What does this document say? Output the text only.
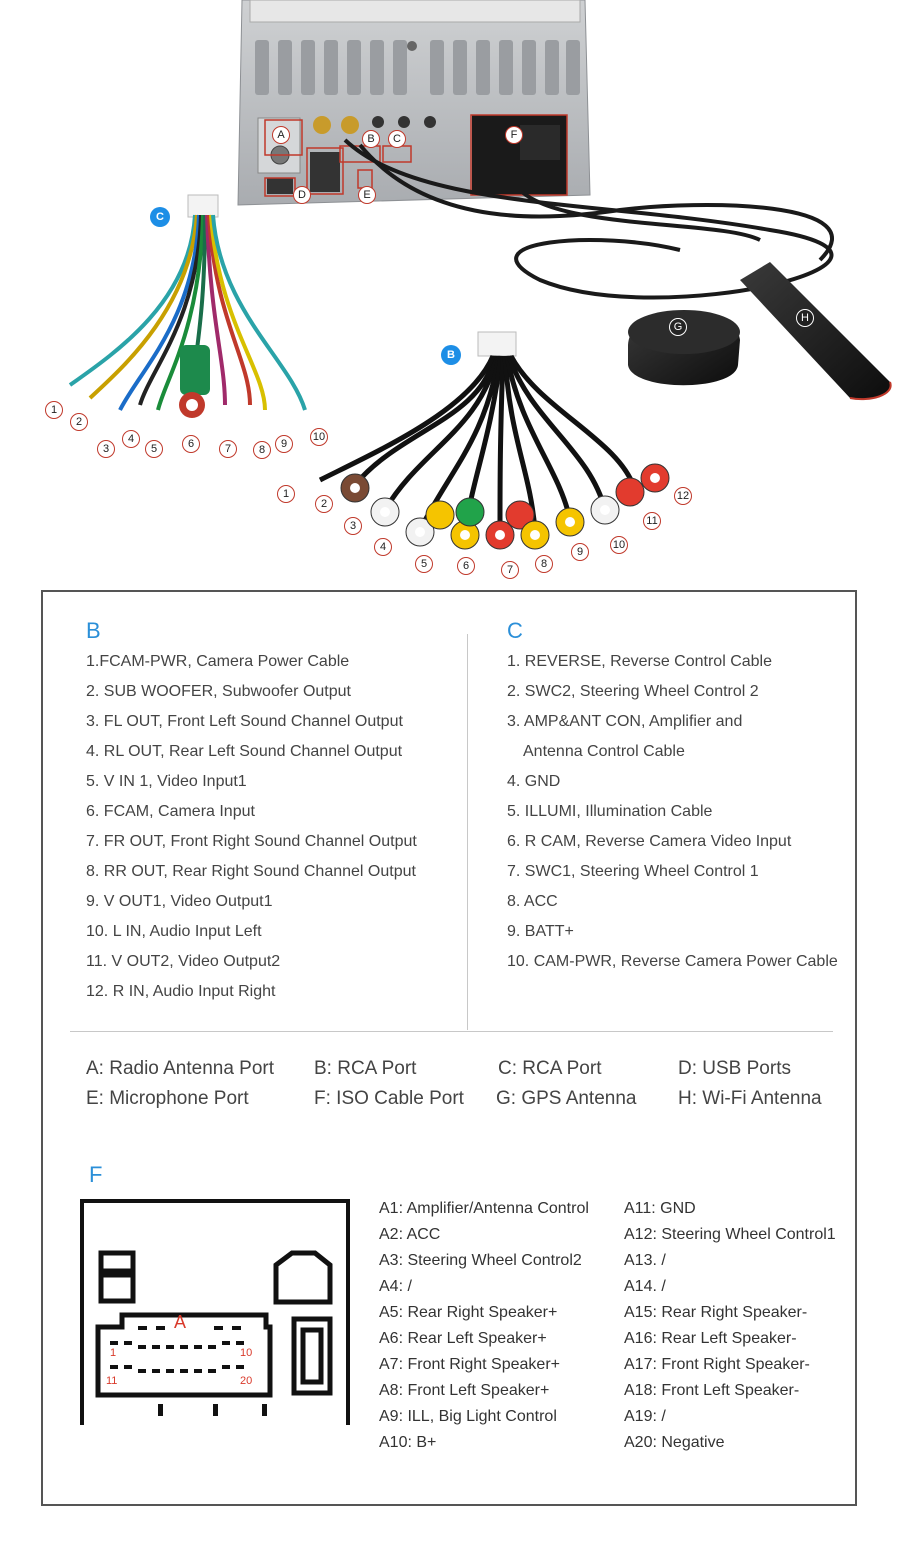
A	B	C
D	E
F
G
H
C
B
1
2
3
4
5	6	7	8	9
10
1
2
3
4
5	6	7	8
9
10
11
12
B
1.FCAM-PWR, Camera Power Cable
2. SUB WOOFER, Subwoofer Output
3. FL OUT, Front Left Sound Channel Output
4. RL OUT, Rear Left Sound Channel Output
5. V IN 1, Video Input1
6. FCAM, Camera Input
7. FR OUT, Front Right Sound Channel Output
8. RR OUT, Rear Right Sound Channel Output
9. V OUT1, Video Output1
10. L IN, Audio Input Left
11. V OUT2, Video Output2
12. R IN, Audio Input Right
C
1. REVERSE, Reverse Control Cable
2. SWC2, Steering Wheel Control 2
3. AMP&ANT CON, Amplifier and
Antenna Control Cable
4. GND
5. ILLUMI, Illumination Cable
6. R CAM, Reverse Camera Video Input
7. SWC1, Steering Wheel Control 1
8. ACC
9. BATT+
10. CAM-PWR, Reverse Camera Power Cable
A: Radio Antenna Port B: RCA Port	C: RCA Port	D: USB Ports
E: Microphone Port	F: ISO Cable Port G: GPS Antenna H: Wi-Fi Antenna
F
A
1	10
11	20
A1: Amplifier/Antenna Control
A2: ACC
A3: Steering Wheel Control2
A4: /
A5: Rear Right Speaker+
A6: Rear Left Speaker+
A7: Front Right Speaker+
A8: Front Left Speaker+
A9: ILL, Big Light Control
A10: B+
A11: GND
A12: Steering Wheel Control1
A13. /
A14. /
A15: Rear Right Speaker-
A16: Rear Left Speaker-
A17: Front Right Speaker-
A18: Front Left Speaker-
A19: /
A20: Negative
